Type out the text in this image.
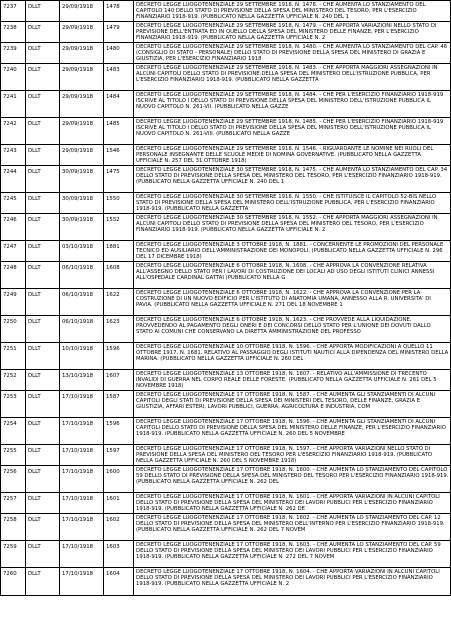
7237	DLLT	29/09/1918	1478	DECRETO LEGGE LUOGOTENENZIALE 29 SETTEMBRE 1918, N. 1478. - CHE AUMENTA LO STANZIAMENTO DEL CAPITOLO 140 DELLO STATO DI PREVISIONE DELLA SPESA DEL MINISTERO DEL TESORO, PER L'ESERCIZIO FINANZIARIO 1918-919. (PUBBLICATO NELLA GAZZETTA UFFICIALE N. 240 DEL 1
7238	DLLT	29/09/1918	1479	DECRETO LEGGE LUOGOTENENZIALE 29 SETTEMBRE 1918, N. 1479. - CHE APPORTA VARIAZIONI NELLO STATO DI PREVISIONE DELL'ENTRATA ED IN QUELLO DELLA SPESA DEL MINISTERO DELLE FINANZE, PER L'ESERCIZIO FINANZIARIO 1918-919. (PUBBLICATO NELLA GAZZETTA UFFICIALE N. 2
7239	DLLT	29/09/1918	1480	DECRETO LEGGE LUOGOTENENZIALE 29 SETTEMBRE 1918, N. 1480. - CHE AUMENTA LO STANZIAMENTO DEL CAP. 46 (CONSIGLIO DI STATO - PERSONALE) DELLO STATO DI PREVISIONE DELLA SPESA DEL MINISTERO DI GRAZIA E GIUSTIZIA, PER L'ESERCIZIO FINANZIARIO 1918
7240	DLLT	29/09/1918	1483	DECRETO LEGGE LUOGOTENENZIALE 29 SETTEMBRE 1918, N. 1483. - CHE APPORTA MAGGIORI ASSEGNAZIONI IN ALCUNI CAPITOLI DELLO STATO DI PREVISIONE DELLA SPESA DEL MINISTERO DELL'ISTRUZIONE PUBBLICA, PER L'ESERCIZIO FINANZIARIO 1918-919. (PUBBLICATO NELLA GAZZETTA
7241	DLLT	29/09/1918	1484	DECRETO LEGGE LUOGOTENENZIALE 29 SETTEMBRE 1918, N. 1484. - CHE PER L'ESERCIZIO FINANZIARIO 1918-919 ISCRIVE AL TITOLO I DELLO STATO DI PREVISIONE DELLA SPESA DEL MINISTERO DELL'ISTRUZIONE PUBBLICA IL NUOVO CAPITOLO N. 261-VII. (PUBBLICATO NELLA GAZZE
7242	DLLT	29/09/1918	1485	DECRETO LEGGE LUOGOTENENZIALE 29 SETTEMBRE 1918, N. 1485. - CHE PER L'ESERCIZIO FINANZIARIO 1918-919 ISCRIVE AL TITOLO I DELLO STATO DI PREVISIONE DELLA SPESA DEL MINISTERO DELL'ISTRUZIONE PUBBLICA IL NUOVO CAPITOLO N. 261-VIII. (PUBBLICATO NELLA GAZZE
7243	DLLT	29/09/1918	1546	DECRETO LEGGE LUOGOTENENZIALE 29 SETTEMBRE 1918, N. 1546. - RIGUARDANTE LE NOMINE NEI RUOLI DEL PERSONALE INSEGNANTE DELLE SCUOLE MEDIE DI NOMINA GOVERNATIVE. (PUBBLICATO NELLA GAZZETTA UFFICIALE N. 257 DEL 31 OTTOBRE 1918)
7244	DLLT	30/09/1918	1475	DECRETO LEGGE LUOGOTENENZIALE 30 SETTEMBRE 1918, N. 1475. - CHE AUMENTA LO STANZIAMENTO DEL CAP. 34 DELLO STATO DI PREVISIONE DELLA SPESA DEL MINISTERO DEL TESORO, PER L'ESERCIZIO FINANZIARIO 1918-919. (PUBBLICATO NELLA GAZZETTA UFFICIALE N. 240 DEL 1
7245	DLLT	30/09/1918	1550	DECRETO LEGGE LUOGOTENENZIALE 30 SETTEMBRE 1918, N. 1550. - CHE ISTITUISCE IL CAPITOLO 52-BIS NELLO STATO DI PREVISIONE DELLA SPESA DEL MINISTERO DELL'ISTRUZIONE PUBBLICA, PER L'ESERCIZIO FINANZIARIO 1918-919. (PUBBLICATO NELLA GAZZETTA
7246	DLLT	30/09/1918	1552	DECRETO LEGGE LUOGOTENENZIALE 30 SETTEMBRE 1918, N. 1552. - CHE APPORTA MAGGIORI ASSEGNAZIONI IN ALCUNI CAPITOLI DELLO STATO DI PREVISIONE DELLA SPESA DEL MINISTERO DEL TESORO, PER L'ESERCIZIO FINANZIARIO 1918-919. (PUBBLICATO NELLA GAZZETTA UFFICIALE N. 2
7247	DLLT	03/10/1918	1881	DECRETO LEGGE LUOGOTENENZIALE 3 OTTOBRE 1918, N. 1881. - CONCERNENTE LE PROMOZIONI DEL PERSONALE TECNICO ED AUSILIARIO DELL'AMMINISTRAZIONE DEI MONOPOLI. (PUBBLICATO NELLA GAZZETTA UFFICIALE N. 296 DEL 17 DICEMBRE 1918)
7248	DLLT	06/10/1918	1608	DECRETO LEGGE LUOGOTENENZIALE 6 OTTOBRE 1918, N. 1608. - CHE APPROVA LA CONVENZIONE RELATIVA ALL'ASSEGNO DELLO STATO PER I LAVORI DI COSTRUZIONE DEI LOCALI AD USO DEGLI ISTITUTI CLINICI ANNESSI ALL'OSPEDALE CARDINAL GATTAI (PUBBLICATO NELLA G
7249	DLLT	06/10/1918	1622	DECRETO LEGGE LUOGOTENENZIALE 6 OTTOBRE 1918, N. 1622. - CHE APPROVA LA CONVENZIONE PER LA COSTRUZIONE DI UN NUOVO EDIFICIO PER L'ISTITUTO DI ANATOMIA UMANA, ANNESSO ALLA R. UNIVERSITA' DI PAVIA. (PUBBLICATO NELLA GAZZETTA UFFICIALE N. 271 DEL 18 NOVEMBRE 1
7250	DLLT	06/10/1918	1623	DECRETO LEGGE LUOGOTENENZIALE 6 OTTOBRE 1918, N. 1623. - CHE PROVVEDE ALLA LIQUIDAZIONE, PROVVEDENDO AL PAGAMENTO DEGLI ONERI E DEI CONCORSI DELLO STATO PER L'UNIONE DEI DOVUTI DALLO STATO AI COMUNI CHE CONSERVANO LA DIRETTA AMMINISTRAZIONE DEL PROFESSO
7251	DLLT	10/10/1918	1596	DECRETO LEGGE LUOGOTENENZIALE 10 OTTOBRE 1918, N. 1596. - CHE APPORTA MODIFICAZIONI A QUELLO 11 OTTOBRE 1917, N. 1681, RELATIVO AL PASSAGGIO DEGLI ISTITUTI NAUTICI ALLA DIPENDENZA DEL MINISTERO DELLA MARINA. (PUBBLICATO NELLA GAZZETTA UFFICIALE N. 260 DEL
7252	DLLT	13/10/1918	1607	DECRETO LEGGE LUOGOTENENZIALE 13 OTTOBRE 1918, N. 1607. - RELATIVO ALL'AMMISSIONE DI TRECENTO INVALIDI DI GUERRA NEL CORPO REALE DELLE FORESTE. (PUBBLICATO NELLA GAZZETTA UFFICIALE N. 261 DEL 5 NOVEMBRE 1918)
7253	DLLT	17/10/1918	1587	DECRETO LEGGE LUOGOTENENZIALE 17 OTTOBRE 1918, N. 1587. - CHE AUMENTA GLI STANZIAMENTI DI ALCUNI CAPITOLI DEGLI STATI DI PREVISIONE DELLA SPESA DEI MINISTERI DEL TESORO, DELLE FINANZE, GRAZIA E GIUSTIZIA, AFFARI ESTERI, LAVORI PUBBLICI, GUERRA, AGRICOLTURA E INDUSTRIA, COM
7254	DLLT	17/10/1918	1596	DECRETO LEGGE LUOGOTENENZIALE 17 OTTOBRE 1918, N. 1596. - CHE AUMENTA GLI STANZIAMENTI DI ALCUNI CAPITOLI DELLO STATO DI PREVISIONE DELLA SPESA DEL MINISTERO DELLE FINANZE, PER L'ESERCIZIO FINANZIARIO 1918-919. (PUBBLICATO NELLA GAZZETTA UFFICIALE N. 260 DEL 5 NOVEMBRE
7255	DLLT	17/10/1918	1597	DECRETO LEGGE LUOGOTENENZIALE 17 OTTOBRE 1918, N. 1597. - CHE APPORTA VARIAZIONI NELLO STATO DI PREVISIONE DELLA SPESA DEL MINISTERO DEL TESORO PER L'ESERCIZIO FINANZIARIO 1918-919. (PUBBLICATO NELLA GAZZETTA UFFICIALE N. 260 DEL 5 NOVEMBRE 1918)
7256	DLLT	17/10/1918	1600	DECRETO LEGGE LUOGOTENENZIALE 17 OTTOBRE 1918, N. 1600. - CHE AUMENTA LO STANZIAMENTO DEL CAPITOLO 59 DELLO STATO DI PREVISIONE DELLA SPESA DEL MINISTERO DEL TESORO PER L'ESERCIZIO FINANZIARIO 1918-919. (PUBBLICATO NELLA GAZZETTA UFFICIALE N. 262 DEL
7257	DLLT	17/10/1918	1601	DECRETO LEGGE LUOGOTENENZIALE 17 OTTOBRE 1918, N. 1601. - CHE APPORTA VARIAZIONI IN ALCUNI CAPITOLI DELLO STATO DI PREVISIONE DELLA SPESA DEL MINISTERO DEI LAVORI PUBBLICI PER L'ESERCIZIO FINANZIARIO 1918-919. (PUBBLICATO NELLA GAZZETTA UFFICIALE N. 262 DE
7258	DLLT	17/10/1918	1602	DECRETO LEGGE LUOGOTENENZIALE 17 OTTOBRE 1918, N. 1602. - CHE AUMENTA LO STANZIAMENTO DEL CAP. 12 DELLO STATO DI PREVISIONE DELLA SPESA DEL MINISTERO DELL'INTERNO PER L'ESERCIZIO FINANZIARIO 1918-919. (PUBBLICATO NELLA GAZZETTA UFFICIALE N. 262 DEL 7 NOVEM
7259	DLLT	17/10/1918	1603	DECRETO LEGGE LUOGOTENENZIALE 17 OTTOBRE 1918, N. 1603. - CHE AUMENTA LO STANZIAMENTO DEL CAP. 59 DELLO STATO DI PREVISIONE DELLA SPESA DEL MINISTERO DEI LAVORI PUBBLICI PER L'ESERCIZIO FINANZIARIO 1918-919. (PUBBLICATO NELLA GAZZETTA UFFICIALE N. 272 DEL 7 NOVEM
7260	DLLT	17/10/1918	1604	DECRETO LEGGE LUOGOTENENZIALE 17 OTTOBRE 1918, N. 1604. - CHE APPORTA VARIAZIONI IN ALCUNI CAPITOLI DELLO STATO DI PREVISIONE DELLA SPESA DEL MINISTERO DEI LAVORI PUBBLICI PER L'ESERCIZIO FINANZIARIO 1918-919. (PUBBLICATO NELLA GAZZETTA UFFICIALE N. 2
